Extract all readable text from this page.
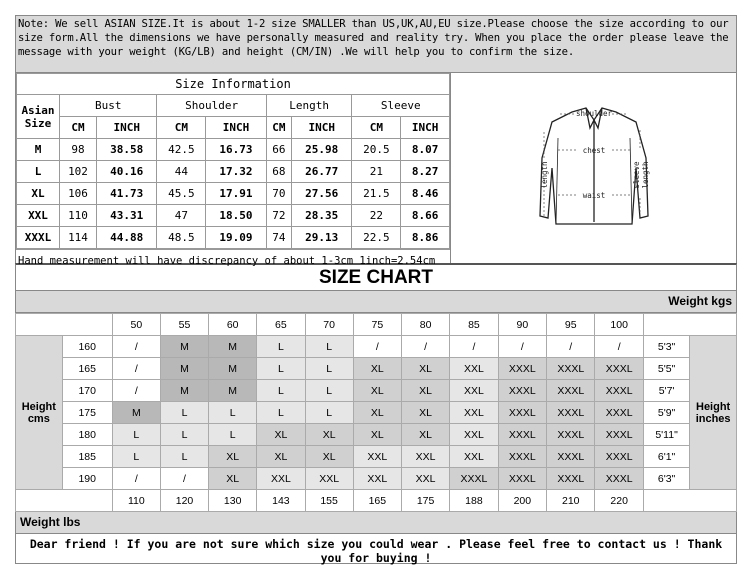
Note: We sell ASIAN SIZE.It is about 1-2 size SMALLER than US,UK,AU,EU size.Please choose the size according to our size form.All the dimensions we have personally measured and reality try. When you place the order please leave the message with your weight (KG/LB) and height (CM/IN) .We will help you to confirm the size.
Size Information								
Asian Size	Bust		Shoulder		Length		Sleeve	
	CM	INCH	CM	INCH	CM	INCH	CM	INCH
M	98	38.58	42.5	16.73	66	25.98	20.5	8.07
L	102	40.16	44	17.32	68	26.77	21	8.27
XL	106	41.73	45.5	17.91	70	27.56	21.5	8.46
XXL	110	43.31	47	18.50	72	28.35	22	8.66
XXXL	114	44.88	48.5	19.09	74	29.13	22.5	8.86
Hand measurement will have discrepancy of about 1-3cm 1inch=2.54cm
shoulder
chest
waist
length	sleeve length
SIZE CHART
Weight kgs
		50	55	60	65	70	75	80	85	90	95	100		
Height cms	160	/	M	M	L	L	/	/	/	/	/	/	5'3"	Height inches
	165	/	M	M	L	L	XL	XL	XXL	XXXL	XXXL	XXXL	5'5"	
	170	/	M	M	L	L	XL	XL	XXL	XXXL	XXXL	XXXL	5'7'	
	175	M	L	L	L	L	XL	XL	XXL	XXXL	XXXL	XXXL	5'9"	
	180	L	L	L	XL	XL	XL	XL	XXL	XXXL	XXXL	XXXL	5'11"	
	185	L	L	XL	XL	XL	XXL	XXL	XXL	XXXL	XXXL	XXXL	6'1"	
	190	/	/	XL	XXL	XXL	XXL	XXL	XXXL	XXXL	XXXL	XXXL	6'3"	
		110	120	130	143	155	165	175	188	200	210	220		
Weight lbs
Dear friend ! If you are not sure which size you could wear . Please feel free to contact us ! Thank you for buying !
